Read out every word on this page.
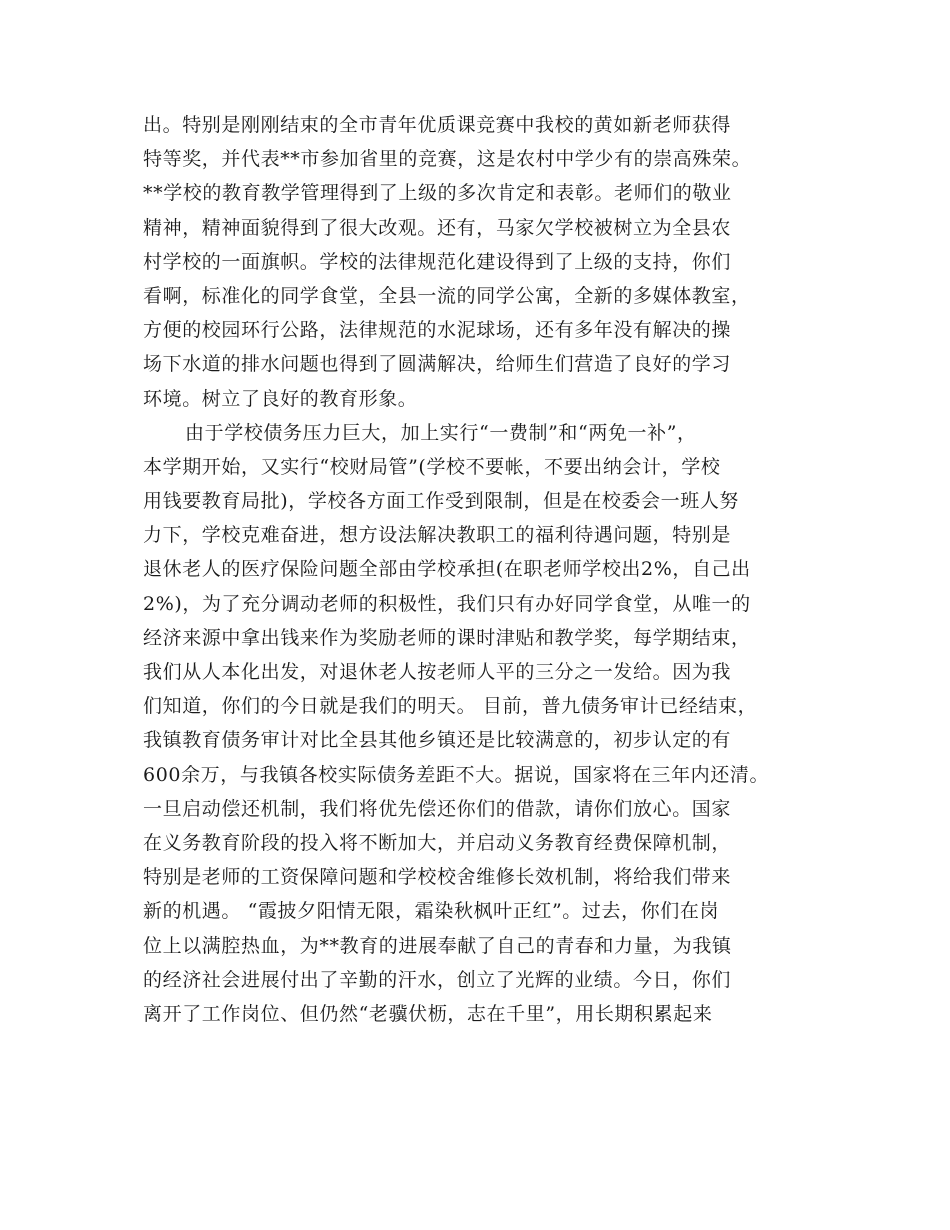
出。特别是刚刚结束的全市青年优质课竞赛中我校的黄如新老师获得
特等奖，并代表**市参加省里的竞赛，这是农村中学少有的崇高殊荣。
**学校的教育教学管理得到了上级的多次肯定和表彰。老师们的敬业
精神，精神面貌得到了很大改观。还有，马家欠学校被树立为全县农
村学校的一面旗帜。学校的法律规范化建设得到了上级的支持，你们
看啊，标准化的同学食堂，全县一流的同学公寓，全新的多媒体教室，
方便的校园环行公路，法律规范的水泥球场，还有多年没有解决的操
场下水道的排水问题也得到了圆满解决，给师生们营造了良好的学习
环境。树立了良好的教育形象。
由于学校债务压力巨大，加上实行“一费制”和“两免一补”，
本学期开始，又实行“校财局管”(学校不要帐，不要出纳会计，学校
用钱要教育局批)，学校各方面工作受到限制，但是在校委会一班人努
力下，学校克难奋进，想方设法解决教职工的福利待遇问题，特别是
退休老人的医疗保险问题全部由学校承担(在职老师学校出2%，自己出
2%)，为了充分调动老师的积极性，我们只有办好同学食堂，从唯一的
经济来源中拿出钱来作为奖励老师的课时津贴和教学奖，每学期结束，
我们从人本化出发，对退休老人按老师人平的三分之一发给。因为我
们知道，你们的今日就是我们的明天。 目前，普九债务审计已经结束，
我镇教育债务审计对比全县其他乡镇还是比较满意的，初步认定的有
600余万，与我镇各校实际债务差距不大。据说，国家将在三年内还清。
一旦启动偿还机制，我们将优先偿还你们的借款，请你们放心。国家
在义务教育阶段的投入将不断加大，并启动义务教育经费保障机制，
特别是老师的工资保障问题和学校校舍维修长效机制，将给我们带来
新的机遇。 “霞披夕阳情无限，霜染秋枫叶正红”。过去，你们在岗
位上以满腔热血，为**教育的进展奉献了自己的青春和力量，为我镇
的经济社会进展付出了辛勤的汗水，创立了光辉的业绩。今日，你们
离开了工作岗位、但仍然“老骥伏枥，志在千里”，用长期积累起来
